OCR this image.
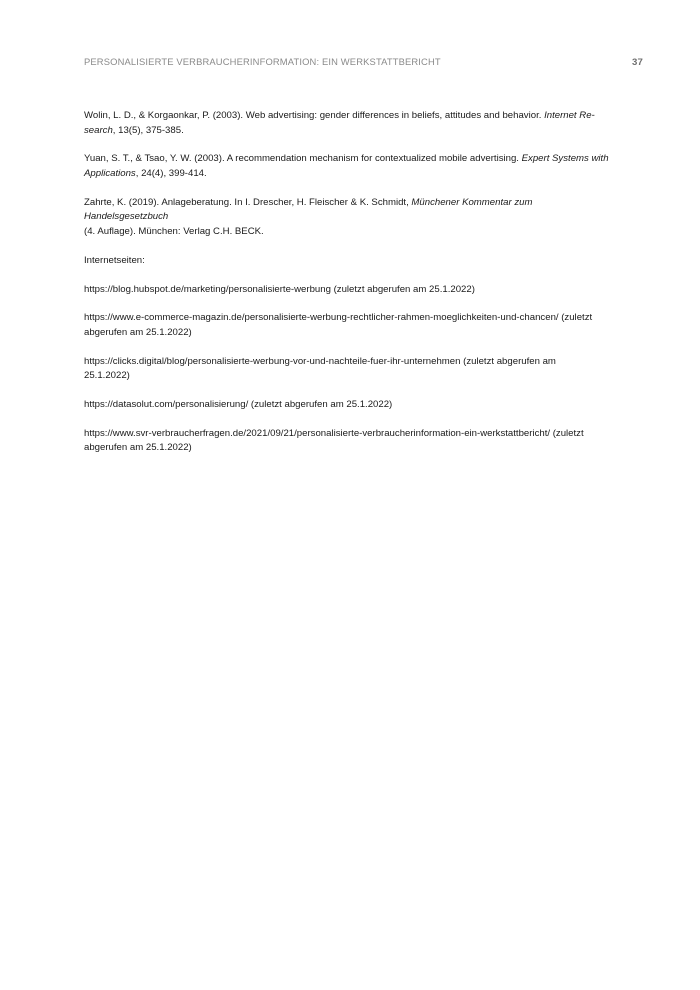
PERSONALISIERTE VERBRAUCHERINFORMATION: EIN WERKSTATTBERICHT	37

Wolin, L. D., & Korgaonkar, P. (2003). Web advertising: gender differences in beliefs, attitudes and behavior. Internet Re-
search, 13(5), 375-385.

Yuan, S. T., & Tsao, Y. W. (2003). A recommendation mechanism for contextualized mobile advertising. Expert Systems with
Applications, 24(4), 399-414.

Zahrte, K. (2019). Anlageberatung. In I. Drescher, H. Fleischer & K. Schmidt, Münchener Kommentar zum Handelsgesetzbuch
(4. Auflage). München: Verlag C.H. BECK.

Internetseiten:

https://blog.hubspot.de/marketing/personalisierte-werbung (zuletzt abgerufen am 25.1.2022)

https://www.e-commerce-magazin.de/personalisierte-werbung-rechtlicher-rahmen-moeglichkeiten-und-chancen/ (zuletzt
abgerufen am 25.1.2022)

https://clicks.digital/blog/personalisierte-werbung-vor-und-nachteile-fuer-ihr-unternehmen (zuletzt abgerufen am
25.1.2022)

https://datasolut.com/personalisierung/ (zuletzt abgerufen am 25.1.2022)

https://www.svr-verbraucherfragen.de/2021/09/21/personalisierte-verbraucherinformation-ein-werkstattbericht/ (zuletzt
abgerufen am 25.1.2022)
